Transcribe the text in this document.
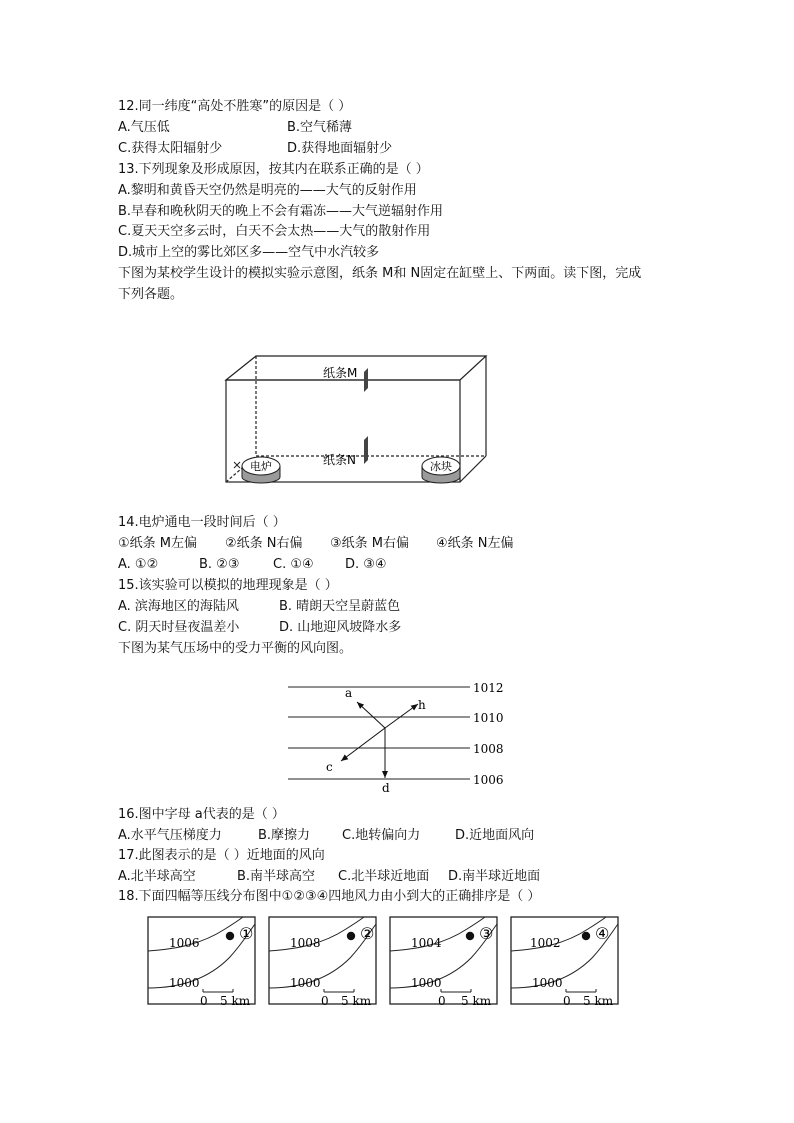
12.同一纬度“高处不胜寒”的原因是（ ）
A.气压低	B.空气稀薄
C.获得太阳辐射少	D.获得地面辐射少
13.下列现象及形成原因，按其内在联系正确的是（ ）
A.黎明和黄昏天空仍然是明亮的——大气的反射作用
B.早春和晚秋阴天的晚上不会有霜冻——大气逆辐射作用
C.夏天天空多云时，白天不会太热——大气的散射作用
D.城市上空的雾比郊区多——空气中水汽较多
下图为某校学生设计的模拟实验示意图，纸条 M和 N固定在缸壁上、下两面。读下图，完成
下列各题。
纸条M
纸条N
电炉	冰块
14.电炉通电一段时间后（ ）
①纸条 M左偏 ②纸条 N右偏 ③纸条 M右偏 ④纸条 N左偏
A. ①②	B. ②③	C. ①④ D. ③④
15.该实验可以模拟的地理现象是（ ）
A. 滨海地区的海陆风	B. 晴朗天空呈蔚蓝色
C. 阴天时昼夜温差小	D. 山地迎风坡降水多
下图为某气压场中的受力平衡的风向图。
1012
1010
1008
1006
a
h
c
d
16.图中字母 a代表的是（ ）
A.水平气压梯度力	B.摩擦力 C.地转偏向力	D.近地面风向
17.此图表示的是（ ）近地面的风向
A.北半球高空	B.南半球高空 C.北半球近地面 D.南半球近地面
18.下面四幅等压线分布图中①②③④四地风力由小到大的正确排序是（ ）
①
1006
1000
0 5 km
②
1008
1000
0 5 km
③
1004
1000
0 5 km
④
1002
1000
0 5 km
